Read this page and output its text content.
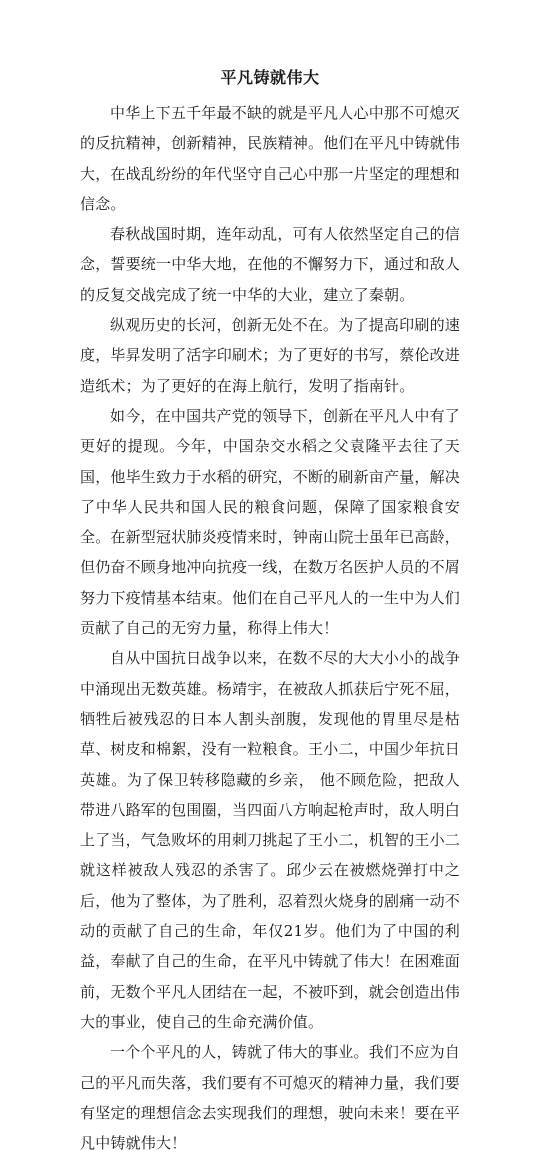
平凡铸就伟大

中华上下五千年最不缺的就是平凡人心中那不可熄灭的反抗精神，创新精神，民族精神。他们在平凡中铸就伟大，在战乱纷纷的年代坚守自己心中那一片坚定的理想和信念。

春秋战国时期，连年动乱，可有人依然坚定自己的信念，誓要统一中华大地，在他的不懈努力下，通过和敌人的反复交战完成了统一中华的大业，建立了秦朝。

纵观历史的长河，创新无处不在。为了提高印刷的速度，毕昇发明了活字印刷术；为了更好的书写，蔡伦改进造纸术；为了更好的在海上航行，发明了指南针。

如今，在中国共产党的领导下，创新在平凡人中有了更好的提现。今年，中国杂交水稻之父袁隆平去往了天国，他毕生致力于水稻的研究，不断的刷新亩产量，解决了中华人民共和国人民的粮食问题，保障了国家粮食安全。在新型冠状肺炎疫情来时，钟南山院士虽年已高龄，但仍奋不顾身地冲向抗疫一线，在数万名医护人员的不屑努力下疫情基本结束。他们在自己平凡人的一生中为人们贡献了自己的无穷力量，称得上伟大！

自从中国抗日战争以来，在数不尽的大大小小的战争中涌现出无数英雄。杨靖宇，在被敌人抓获后宁死不屈，牺牲后被残忍的日本人割头剖腹，发现他的胃里尽是枯草、树皮和棉絮，没有一粒粮食。王小二，中国少年抗日英雄。为了保卫转移隐藏的乡亲， 他不顾危险，把敌人带进八路军的包围圈，当四面八方响起枪声时，敌人明白上了当，气急败坏的用刺刀挑起了王小二，机智的王小二就这样被敌人残忍的杀害了。邱少云在被燃烧弹打中之后，他为了整体，为了胜利，忍着烈火烧身的剧痛一动不动的贡献了自己的生命，年仅21岁。他们为了中国的利益，奉献了自己的生命，在平凡中铸就了伟大！在困难面前，无数个平凡人团结在一起，不被吓到，就会创造出伟大的事业，使自己的生命充满价值。

一个个平凡的人，铸就了伟大的事业。我们不应为自己的平凡而失落，我们要有不可熄灭的精神力量，我们要有坚定的理想信念去实现我们的理想，驶向未来！要在平凡中铸就伟大！
